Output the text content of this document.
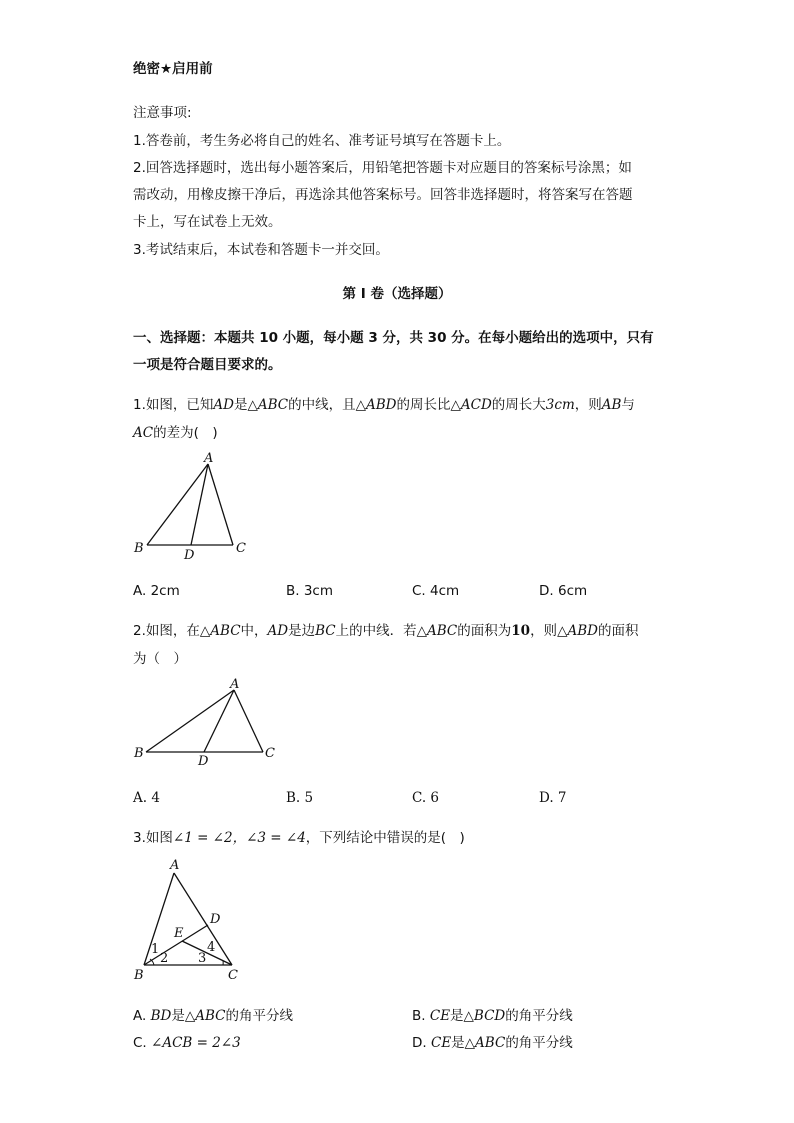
绝密★启用前
注意事项:
1.答卷前，考生务必将自己的姓名、准考证号填写在答题卡上。
2.回答选择题时，选出每小题答案后，用铅笔把答题卡对应题目的答案标号涂黑；如
需改动，用橡皮擦干净后，再选涂其他答案标号。回答非选择题时，将答案写在答题
卡上，写在试卷上无效。
3.考试结束后，本试卷和答题卡一并交回。
第 I 卷（选择题）
一、选择题：本题共 10 小题，每小题 3 分，共 30 分。在每小题给出的选项中，只有
一项是符合题目要求的。
1.如图，已知AD是△ABC的中线，且△ABD的周长比△ACD的周长大3cm，则AB与
AC的差为(　)
A
B	C
D
A. 2cm	B. 3cm	C. 4cm	D. 6cm
2.如图，在△ABC中，AD是边BC上的中线．若△ABC的面积为10，则△ABD的面积
为（　）
A
B	C
D
A. 4	B. 5	C. 6	D. 7
3.如图∠1 = ∠2，∠3 = ∠4，下列结论中错误的是(　)
A
B	C
D
E
1
2 3
4
A. BD是△ABC的角平分线	B. CE是△BCD的角平分线
C. ∠ACB = 2∠3	D. CE是△ABC的角平分线
